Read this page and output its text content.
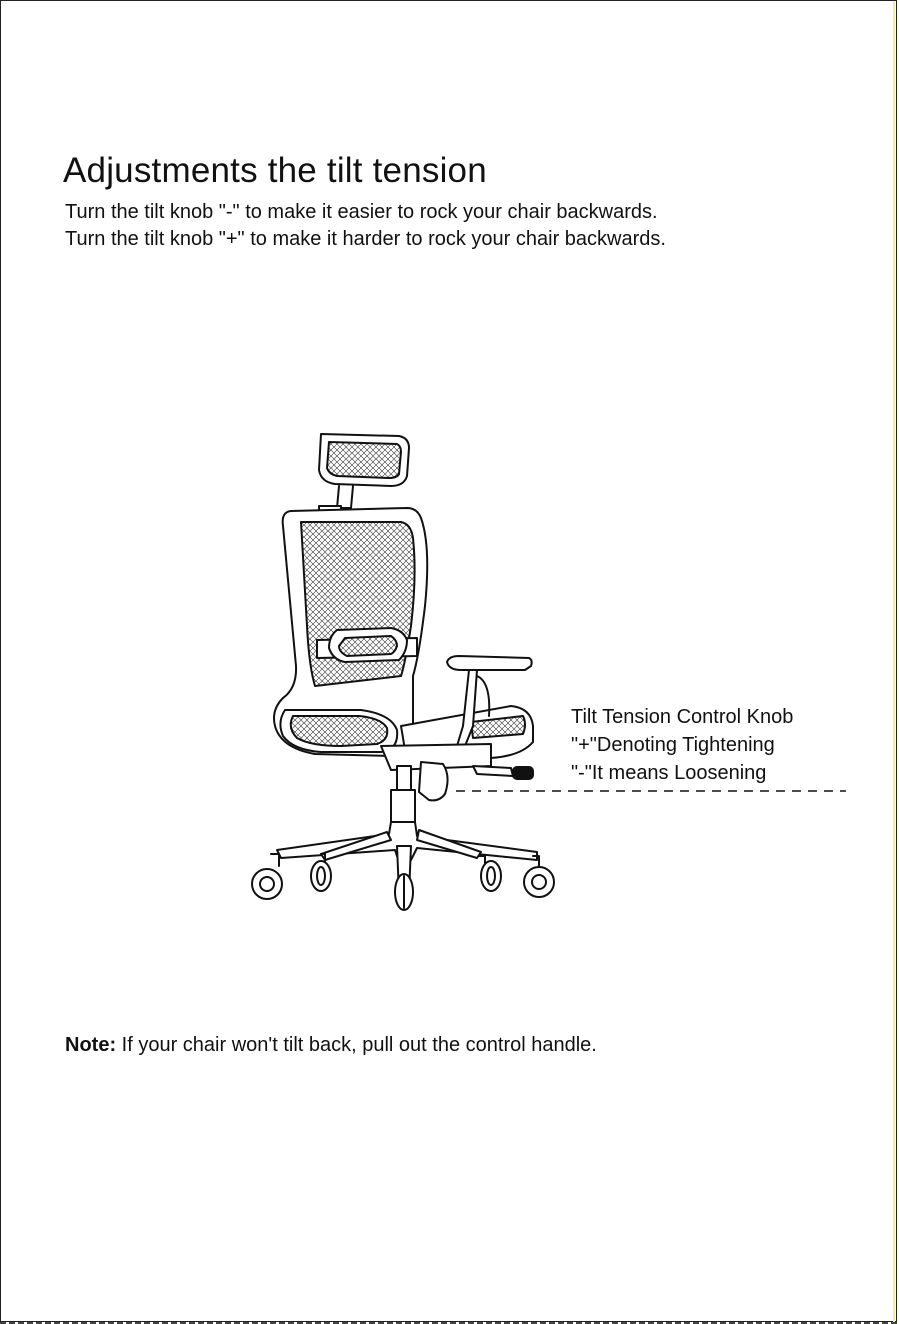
Adjustments the tilt tension

Turn the tilt knob "-" to make it easier to rock your chair backwards.

Turn the tilt knob "+" to make it harder to rock your chair backwards.

Tilt Tension Control Knob

"+"Denoting Tightening

"-"It means Loosening

Note: If your chair won't tilt back, pull out the control handle.
